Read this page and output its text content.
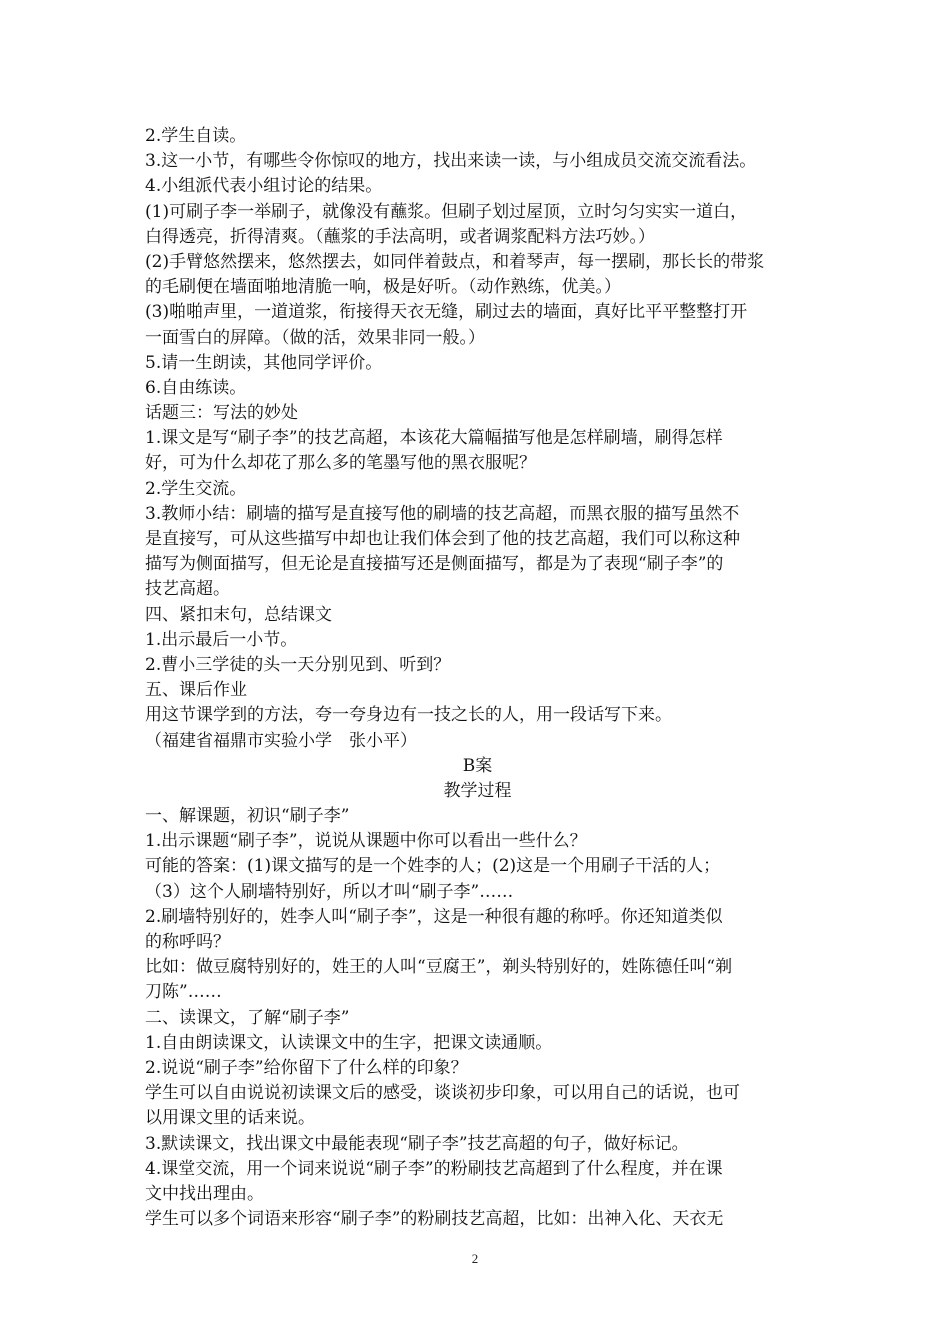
2.学生自读。
3.这一小节，有哪些令你惊叹的地方，找出来读一读，与小组成员交流交流看法。
4.小组派代表小组讨论的结果。
(1)可刷子李一举刷子，就像没有蘸浆。但刷子划过屋顶，立时匀匀实实一道白，
白得透亮，折得清爽。（蘸浆的手法高明，或者调浆配料方法巧妙。）
(2)手臂悠然摆来，悠然摆去，如同伴着鼓点，和着琴声，每一摆刷，那长长的带浆
的毛刷便在墙面啪地清脆一响，极是好听。（动作熟练，优美。）
(3)啪啪声里，一道道浆，衔接得天衣无缝，刷过去的墙面，真好比平平整整打开
一面雪白的屏障。（做的活，效果非同一般。）
5.请一生朗读，其他同学评价。
6.自由练读。
话题三：写法的妙处
1.课文是写“刷子李”的技艺高超，本该花大篇幅描写他是怎样刷墙，刷得怎样
好，可为什么却花了那么多的笔墨写他的黑衣服呢？
2.学生交流。
3.教师小结：刷墙的描写是直接写他的刷墙的技艺高超，而黑衣服的描写虽然不
是直接写，可从这些描写中却也让我们体会到了他的技艺高超，我们可以称这种
描写为侧面描写，但无论是直接描写还是侧面描写，都是为了表现“刷子李”的
技艺高超。
四、紧扣末句，总结课文
1.出示最后一小节。
2.曹小三学徒的头一天分别见到、听到？
五、课后作业
用这节课学到的方法，夸一夸身边有一技之长的人，用一段话写下来。
（福建省福鼎市实验小学　张小平）
B案
教学过程
一、解课题，初识“刷子李”
1.出示课题“刷子李”，说说从课题中你可以看出一些什么？
可能的答案：(1)课文描写的是一个姓李的人；(2)这是一个用刷子干活的人；
（3）这个人刷墙特别好，所以才叫“刷子李”……
2.刷墙特别好的，姓李人叫“刷子李”，这是一种很有趣的称呼。你还知道类似
的称呼吗？
比如：做豆腐特别好的，姓王的人叫“豆腐王”，剃头特别好的，姓陈德任叫“剃
刀陈”……
二、读课文，了解“刷子李”
1.自由朗读课文，认读课文中的生字，把课文读通顺。
2.说说“刷子李”给你留下了什么样的印象？
学生可以自由说说初读课文后的感受，谈谈初步印象，可以用自己的话说，也可
以用课文里的话来说。
3.默读课文，找出课文中最能表现“刷子李”技艺高超的句子，做好标记。
4.课堂交流，用一个词来说说“刷子李”的粉刷技艺高超到了什么程度，并在课
文中找出理由。
学生可以多个词语来形容“刷子李”的粉刷技艺高超，比如：出神入化、天衣无
2
